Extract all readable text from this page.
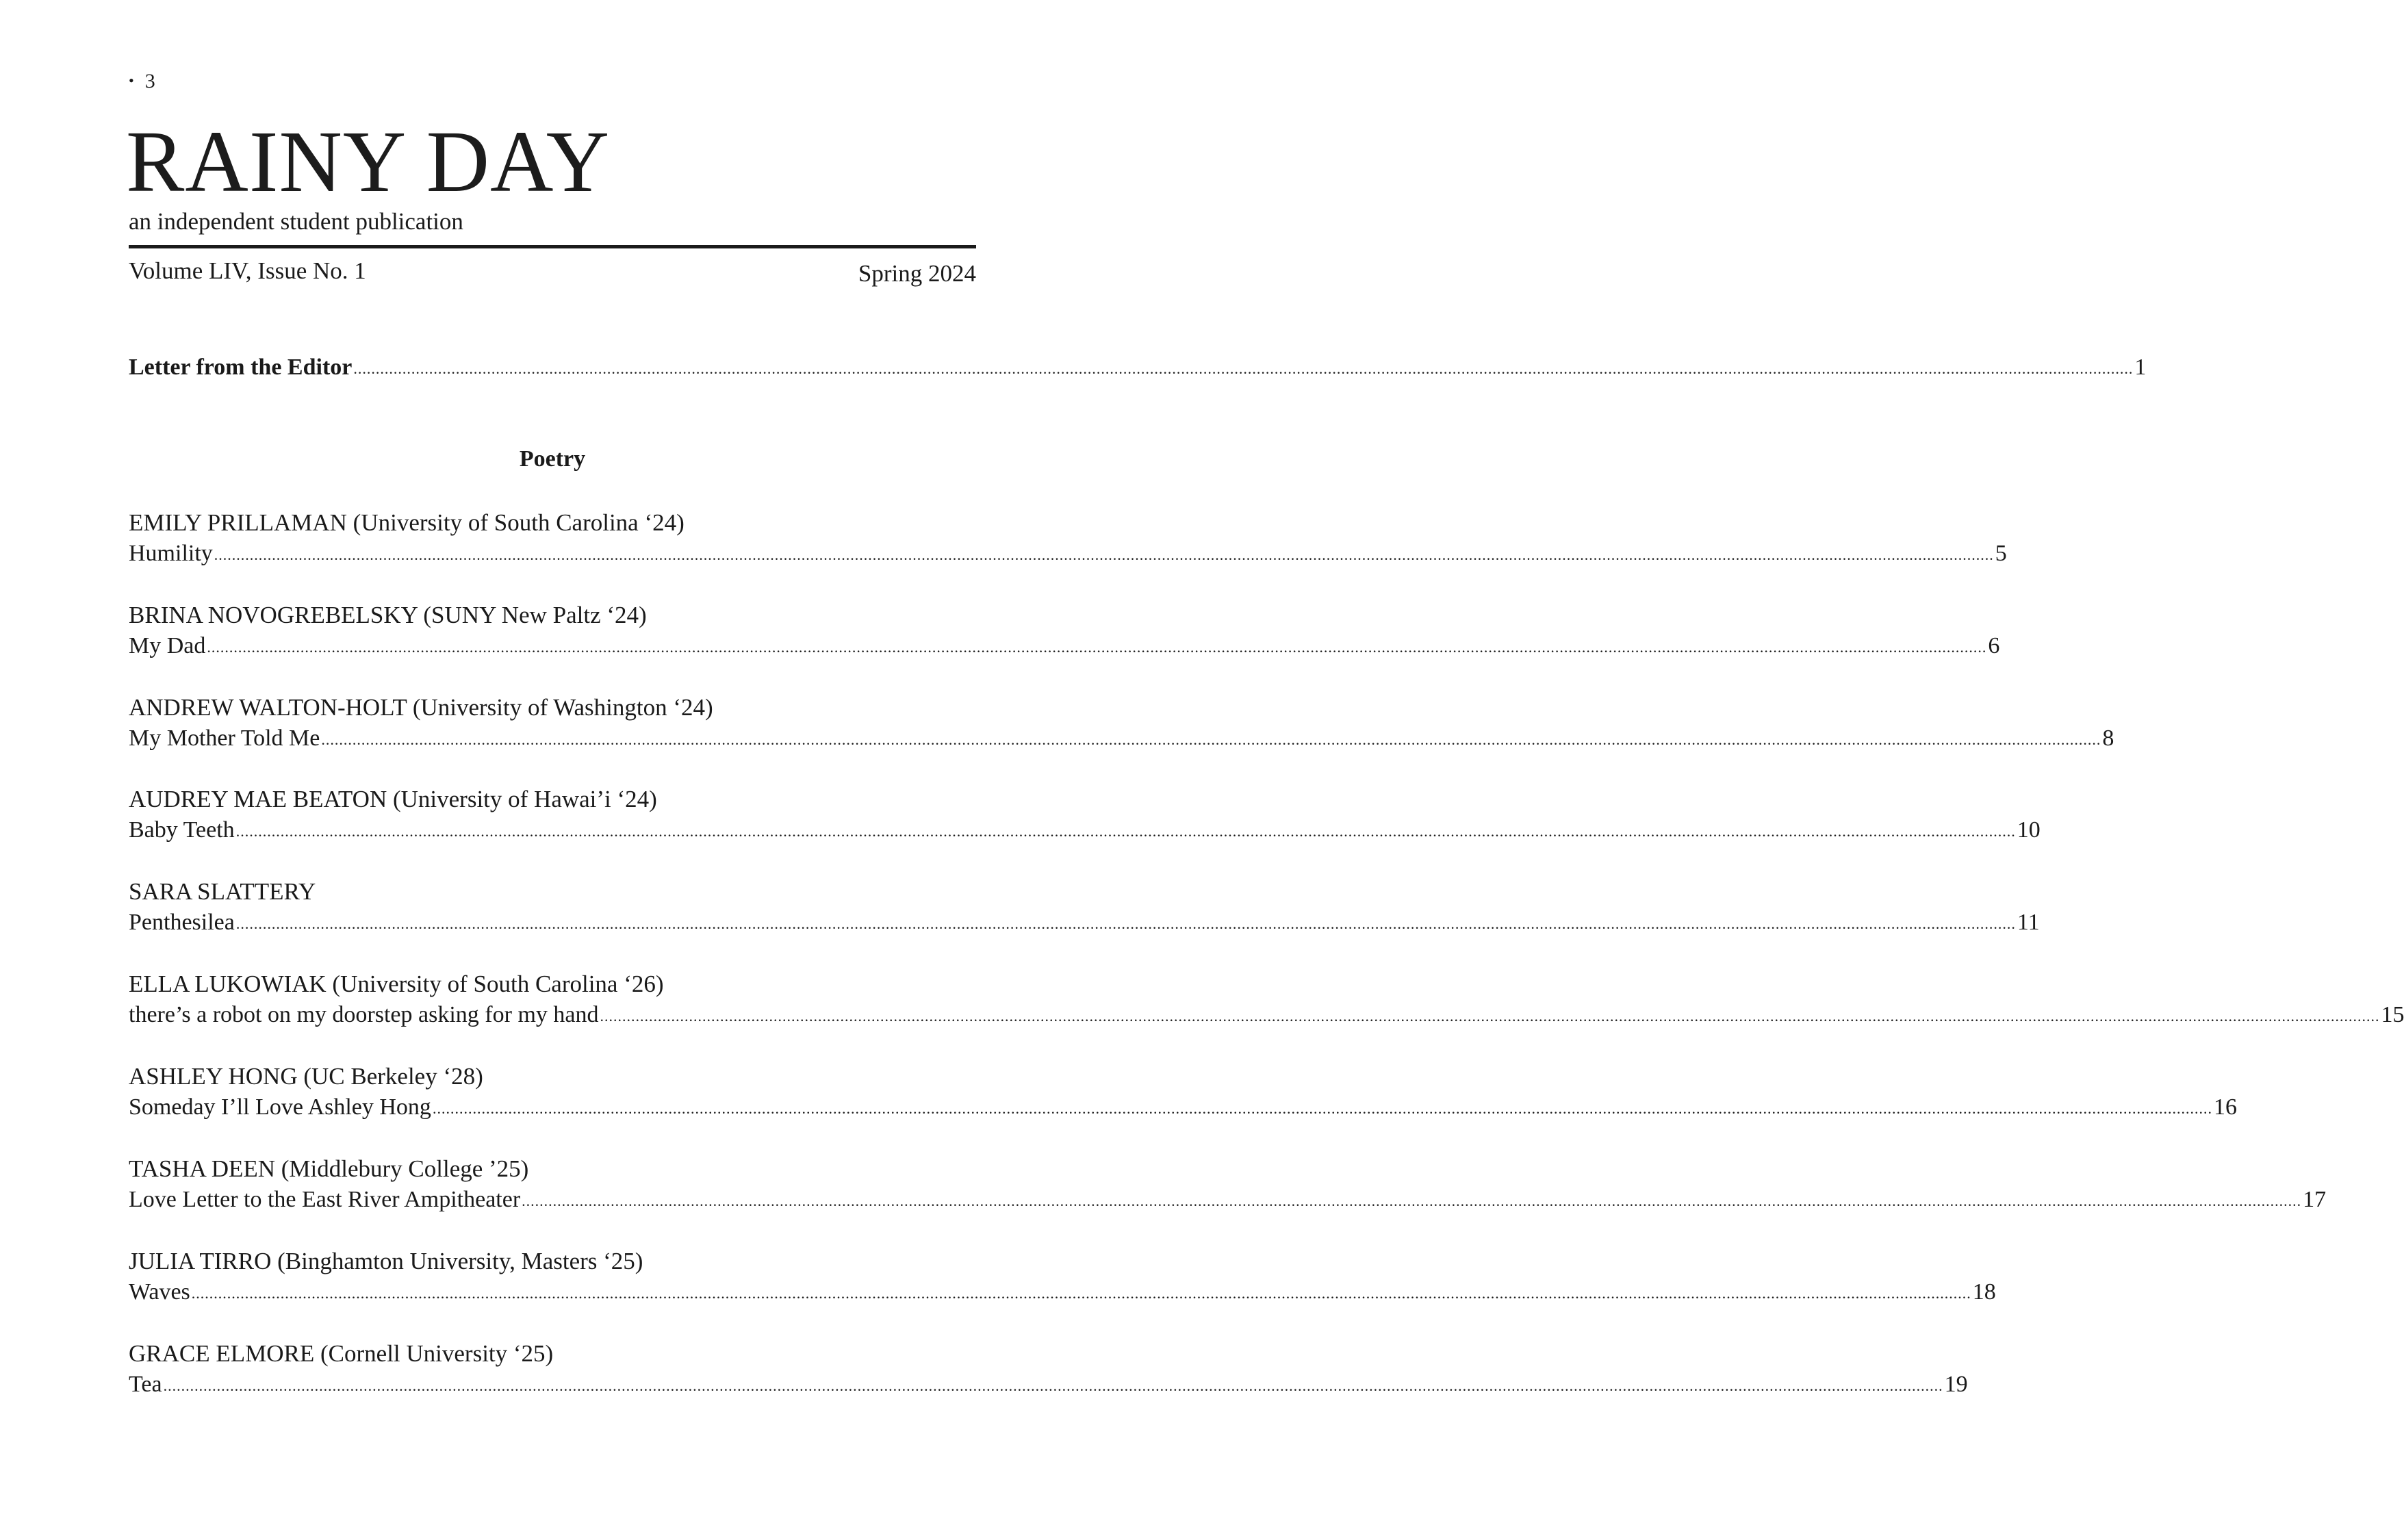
• 3
RAINY DAY
an independent student publication
Volume LIV, Issue No. 1	Spring 2024
Letter from the Editor ................................................................................................................................................................................................................................................................................................................................................................................................................ 1
Poetry
EMILY PRILLAMAN (University of South Carolina ‘24)
Humility ................................................................................................................................................................................................................................................................................................................................................................................................................ 5
BRINA NOVOGREBELSKY (SUNY New Paltz ‘24)
My Dad ................................................................................................................................................................................................................................................................................................................................................................................................................ 6
ANDREW WALTON-HOLT (University of Washington ‘24)
My Mother Told Me ................................................................................................................................................................................................................................................................................................................................................................................................................ 8
AUDREY MAE BEATON (University of Hawai’i ‘24)
Baby Teeth ................................................................................................................................................................................................................................................................................................................................................................................................................ 10
SARA SLATTERY
Penthesilea ................................................................................................................................................................................................................................................................................................................................................................................................................ 11
ELLA LUKOWIAK (University of South Carolina ‘26)
there’s a robot on my doorstep asking for my hand ................................................................................................................................................................................................................................................................................................................................................................................................................ 15
ASHLEY HONG (UC Berkeley ‘28)
Someday I’ll Love Ashley Hong ................................................................................................................................................................................................................................................................................................................................................................................................................ 16
TASHA DEEN (Middlebury College ’25)
Love Letter to the East River Ampitheater ................................................................................................................................................................................................................................................................................................................................................................................................................ 17
JULIA TIRRO (Binghamton University, Masters ‘25)
Waves ................................................................................................................................................................................................................................................................................................................................................................................................................ 18
GRACE ELMORE (Cornell University ‘25)
Tea ................................................................................................................................................................................................................................................................................................................................................................................................................ 19
